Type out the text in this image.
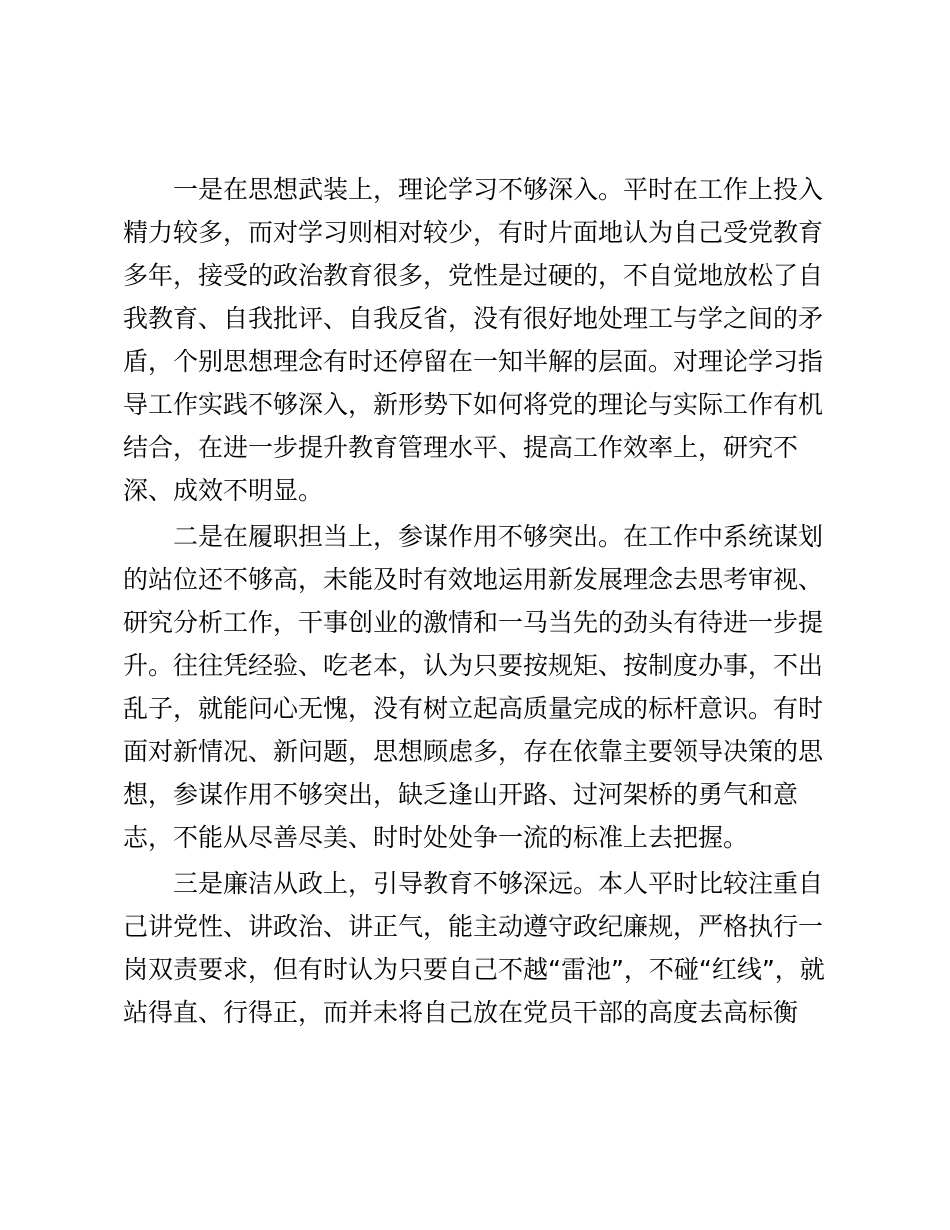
一是在思想武装上，理论学习不够深入。平时在工作上投入
精力较多，而对学习则相对较少，有时片面地认为自己受党教育
多年，接受的政治教育很多，党性是过硬的，不自觉地放松了自
我教育、自我批评、自我反省，没有很好地处理工与学之间的矛
盾，个别思想理念有时还停留在一知半解的层面。对理论学习指
导工作实践不够深入，新形势下如何将党的理论与实际工作有机
结合，在进一步提升教育管理水平、提高工作效率上，研究不
深、成效不明显。

二是在履职担当上，参谋作用不够突出。在工作中系统谋划
的站位还不够高，未能及时有效地运用新发展理念去思考审视、
研究分析工作，干事创业的激情和一马当先的劲头有待进一步提
升。往往凭经验、吃老本，认为只要按规矩、按制度办事，不出
乱子，就能问心无愧，没有树立起高质量完成的标杆意识。有时
面对新情况、新问题，思想顾虑多，存在依靠主要领导决策的思
想，参谋作用不够突出，缺乏逢山开路、过河架桥的勇气和意
志，不能从尽善尽美、时时处处争一流的标准上去把握。

三是廉洁从政上，引导教育不够深远。本人平时比较注重自
己讲党性、讲政治、讲正气，能主动遵守政纪廉规，严格执行一
岗双责要求，但有时认为只要自己不越“雷池”，不碰“红线”，就
站得直、行得正，而并未将自己放在党员干部的高度去高标衡
